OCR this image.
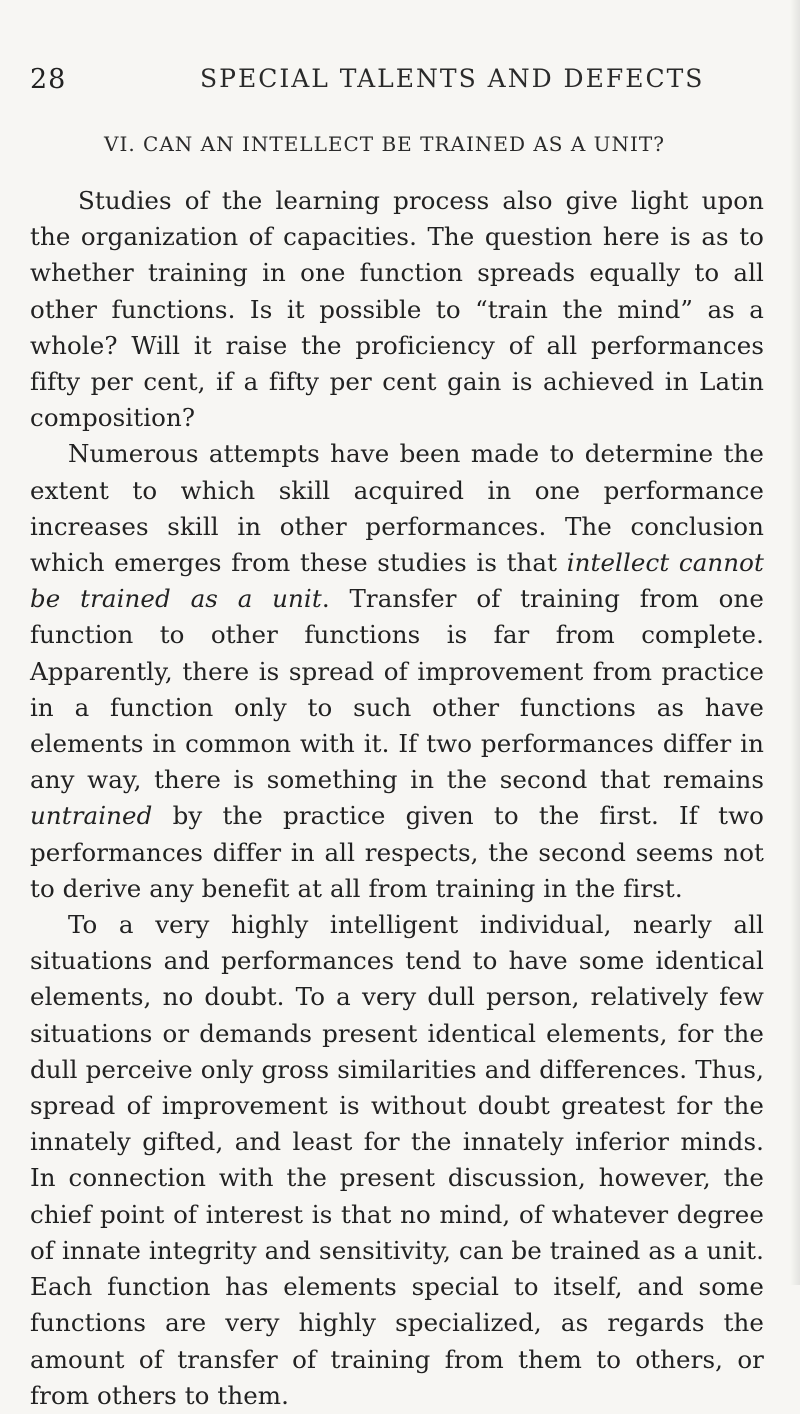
28	SPECIAL TALENTS AND DEFECTS
VI. CAN AN INTELLECT BE TRAINED AS A UNIT?

Studies of the learning process also give light upon the organization of capacities. The question here is as to whether training in one function spreads equally to all other functions. Is it possible to “train the mind” as a whole? Will it raise the proficiency of all performances fifty per cent, if a fifty per cent gain is achieved in Latin composition?

Numerous attempts have been made to determine the extent to which skill acquired in one performance increases skill in other performances. The conclusion which emerges from these studies is that intellect cannot be trained as a unit. Transfer of training from one function to other functions is far from complete. Apparently, there is spread of improvement from practice in a function only to such other functions as have elements in common with it. If two performances differ in any way, there is something in the second that remains untrained by the practice given to the first. If two performances differ in all respects, the second seems not to derive any benefit at all from training in the first.

To a very highly intelligent individual, nearly all situations and performances tend to have some identical elements, no doubt. To a very dull person, relatively few situations or demands present identical elements, for the dull perceive only gross similarities and differences. Thus, spread of improvement is without doubt greatest for the innately gifted, and least for the innately inferior minds. In connection with the present discussion, however, the chief point of interest is that no mind, of whatever degree of innate integrity and sensitivity, can be trained as a unit. Each function has elements special to itself, and some functions are very highly specialized, as regards the amount of transfer of training from them to others, or from others to them.
